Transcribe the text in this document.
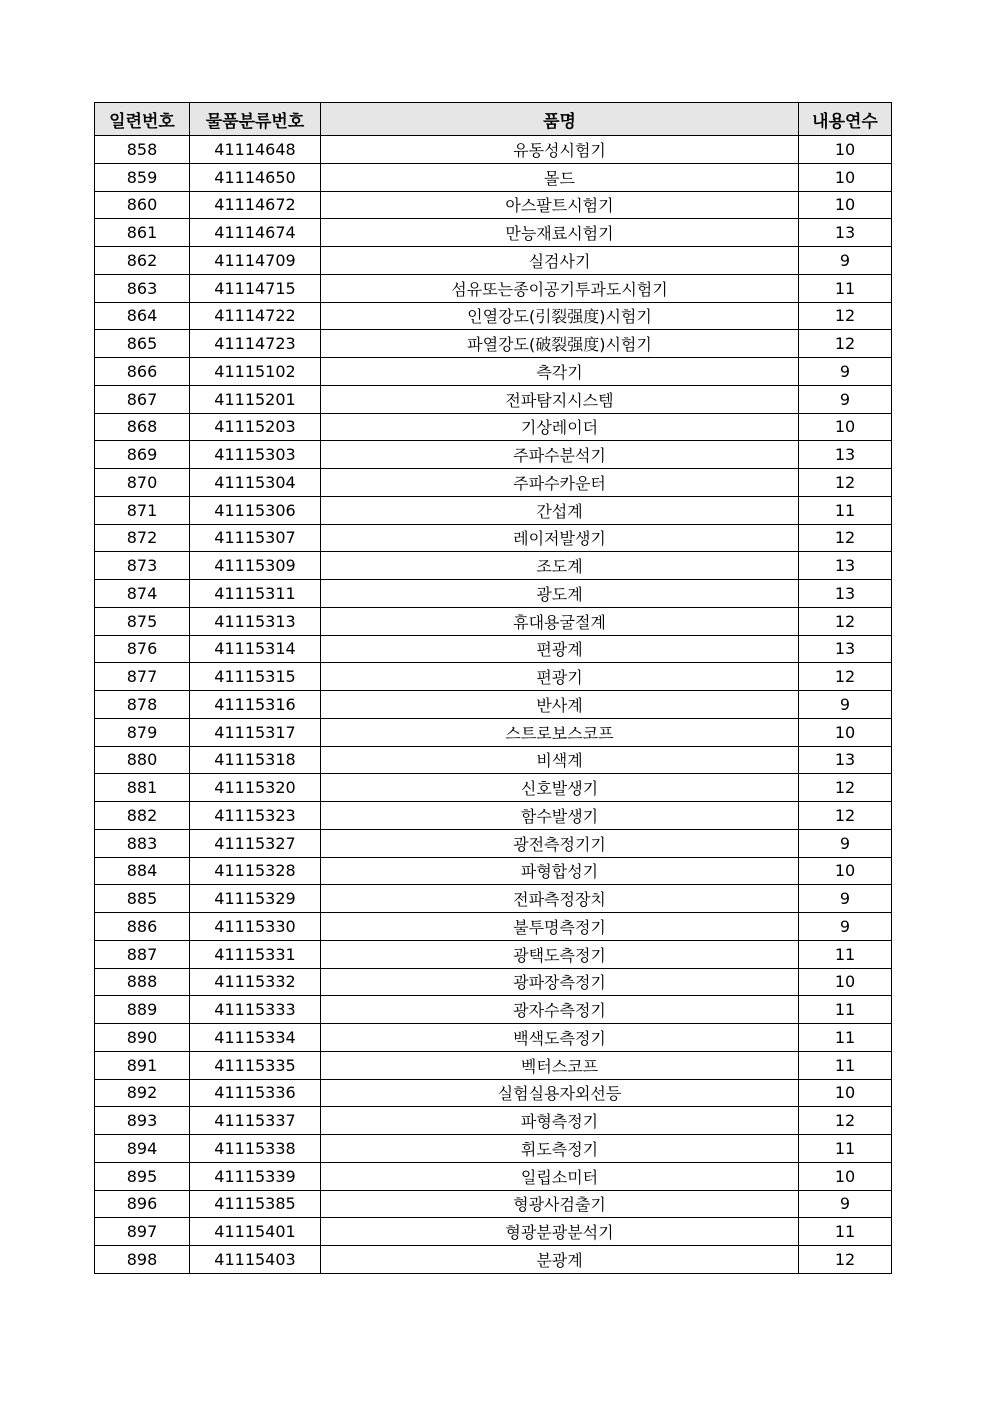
일련번호	물품분류번호	품명	내용연수
858	41114648	유동성시험기	10
859	41114650	몰드	10
860	41114672	아스팔트시험기	10
861	41114674	만능재료시험기	13
862	41114709	실검사기	9
863	41114715	섬유또는종이공기투과도시험기	11
864	41114722	인열강도(引裂强度)시험기	12
865	41114723	파열강도(破裂强度)시험기	12
866	41115102	측각기	9
867	41115201	전파탐지시스템	9
868	41115203	기상레이더	10
869	41115303	주파수분석기	13
870	41115304	주파수카운터	12
871	41115306	간섭계	11
872	41115307	레이저발생기	12
873	41115309	조도계	13
874	41115311	광도계	13
875	41115313	휴대용굴절계	12
876	41115314	편광계	13
877	41115315	편광기	12
878	41115316	반사계	9
879	41115317	스트로보스코프	10
880	41115318	비색계	13
881	41115320	신호발생기	12
882	41115323	함수발생기	12
883	41115327	광전측정기기	9
884	41115328	파형합성기	10
885	41115329	전파측정장치	9
886	41115330	불투명측정기	9
887	41115331	광택도측정기	11
888	41115332	광파장측정기	10
889	41115333	광자수측정기	11
890	41115334	백색도측정기	11
891	41115335	벡터스코프	11
892	41115336	실험실용자외선등	10
893	41115337	파형측정기	12
894	41115338	휘도측정기	11
895	41115339	일립소미터	10
896	41115385	형광사검출기	9
897	41115401	형광분광분석기	11
898	41115403	분광계	12
